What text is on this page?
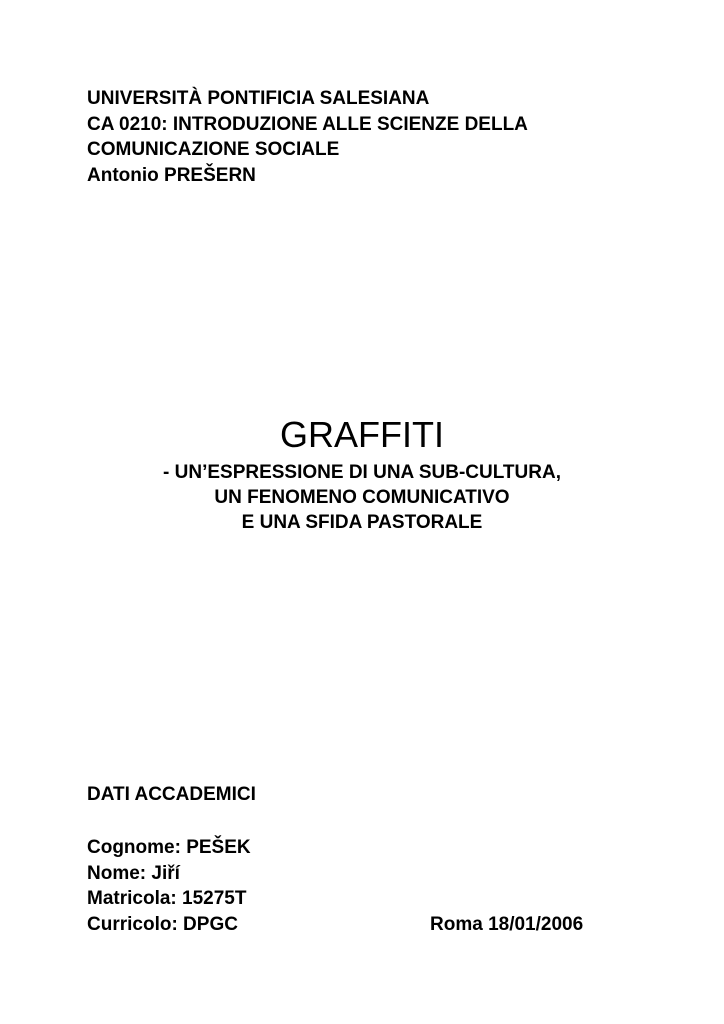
UNIVERSITÀ PONTIFICIA SALESIANA
CA 0210: INTRODUZIONE ALLE SCIENZE DELLA
COMUNICAZIONE SOCIALE
Antonio PREŠERN
GRAFFITI
- UN’ESPRESSIONE DI UNA SUB-CULTURA,
UN FENOMENO COMUNICATIVO
E UNA SFIDA PASTORALE
DATI ACCADEMICI
Cognome: PEŠEK
Nome: Jiří
Matricola: 15275T
Curricolo: DPGC	Roma 18/01/2006
